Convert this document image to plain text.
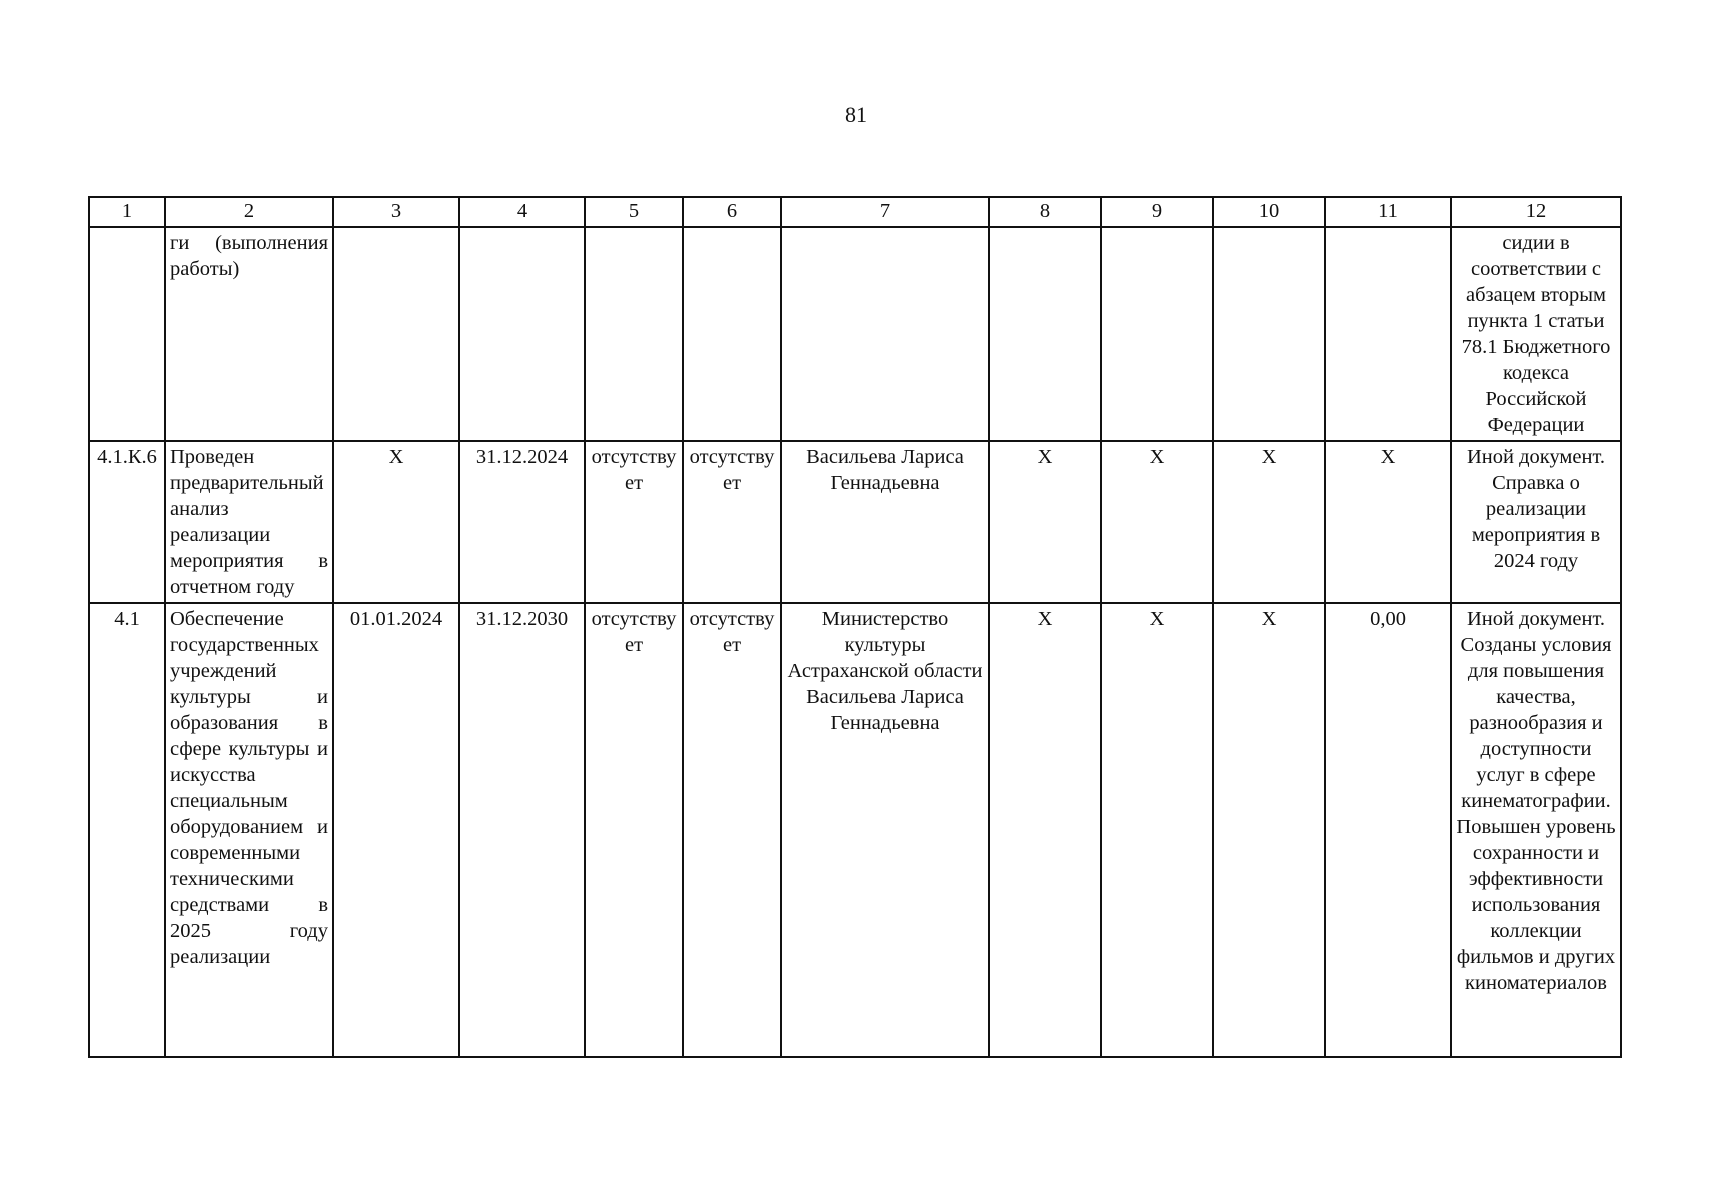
81
1	2	3	4	5	6	7	8	9	10	11	12
	ги (выполнения работы)										сидии в соответствии с абзацем вторым пункта 1 статьи 78.1 Бюджетного кодекса Российской Федерации
4.1.К.6	Проведен предварительный анализ реализации мероприятия в отчетном году	Х	31.12.2024	отсутствует	отсутствует	Васильева Лариса Геннадьевна	Х	Х	Х	Х	Иной документ. Справка о реализации мероприятия в 2024 году
4.1	Обеспечение государственных учреждений культуры и образования в сфере культуры и искусства специальным оборудованием и современными техническими средствами в 2025 году реализации	01.01.2024	31.12.2030	отсутствует	отсутствует	Министерство культуры Астраханской области Васильева Лариса Геннадьевна	Х	Х	Х	0,00	Иной документ. Созданы условия для повышения качества, разнообразия и доступности услуг в сфере кинематографии. Повышен уровень сохранности и эффективности использования коллекции фильмов и других киноматериалов
